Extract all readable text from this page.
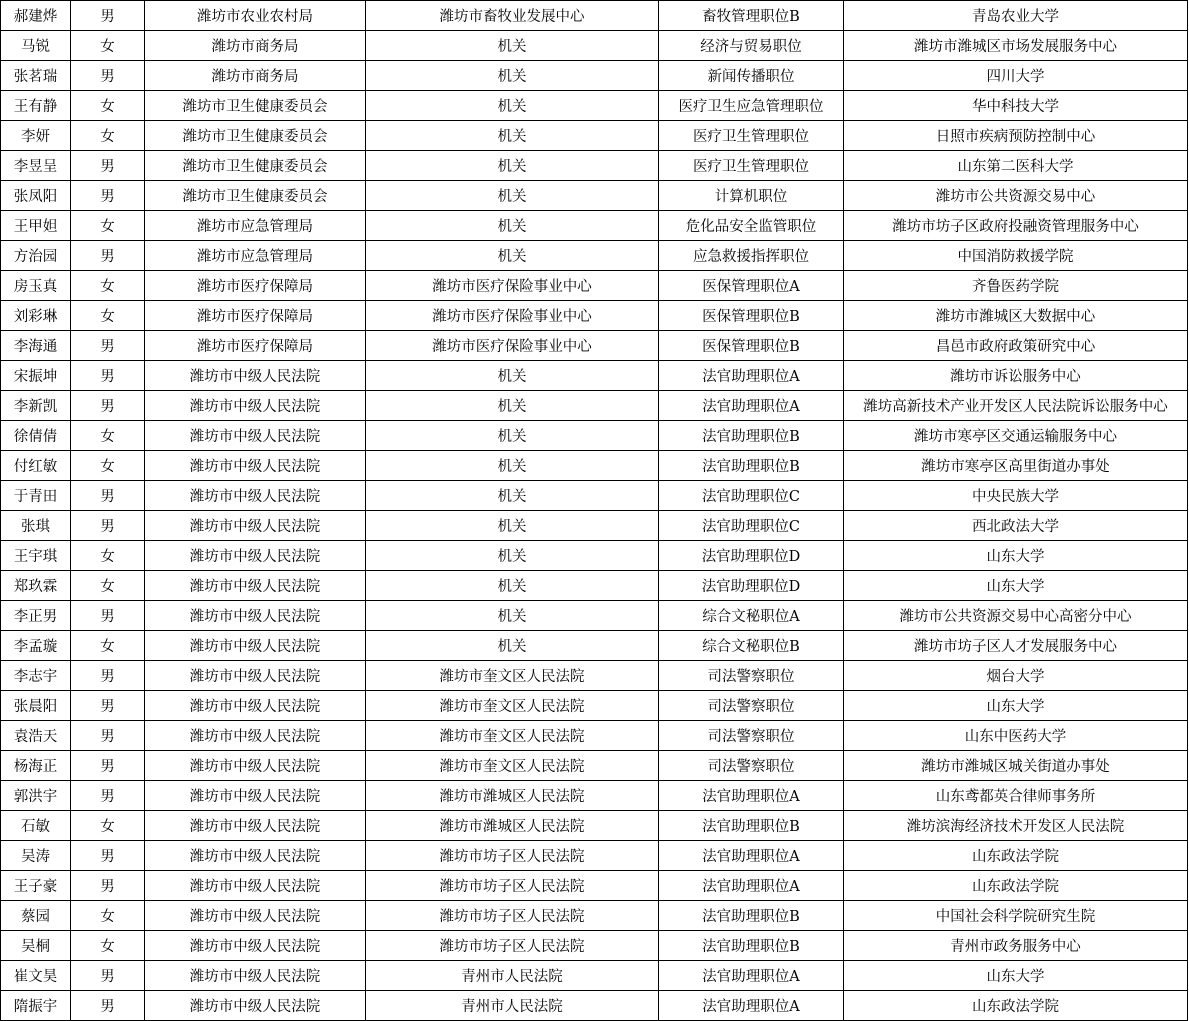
郝建烨	男	潍坊市农业农村局	潍坊市畜牧业发展中心	畜牧管理职位B	青岛农业大学
马锐	女	潍坊市商务局	机关	经济与贸易职位	潍坊市潍城区市场发展服务中心
张茗瑞	男	潍坊市商务局	机关	新闻传播职位	四川大学
王有静	女	潍坊市卫生健康委员会	机关	医疗卫生应急管理职位	华中科技大学
李妍	女	潍坊市卫生健康委员会	机关	医疗卫生管理职位	日照市疾病预防控制中心
李昱呈	男	潍坊市卫生健康委员会	机关	医疗卫生管理职位	山东第二医科大学
张凤阳	男	潍坊市卫生健康委员会	机关	计算机职位	潍坊市公共资源交易中心
王甲妲	女	潍坊市应急管理局	机关	危化品安全监管职位	潍坊市坊子区政府投融资管理服务中心
方治园	男	潍坊市应急管理局	机关	应急救援指挥职位	中国消防救援学院
房玉真	女	潍坊市医疗保障局	潍坊市医疗保险事业中心	医保管理职位A	齐鲁医药学院
刘彩琳	女	潍坊市医疗保障局	潍坊市医疗保险事业中心	医保管理职位B	潍坊市潍城区大数据中心
李海通	男	潍坊市医疗保障局	潍坊市医疗保险事业中心	医保管理职位B	昌邑市政府政策研究中心
宋振坤	男	潍坊市中级人民法院	机关	法官助理职位A	潍坊市诉讼服务中心
李新凯	男	潍坊市中级人民法院	机关	法官助理职位A	潍坊高新技术产业开发区人民法院诉讼服务中心
徐倩倩	女	潍坊市中级人民法院	机关	法官助理职位B	潍坊市寒亭区交通运输服务中心
付红敏	女	潍坊市中级人民法院	机关	法官助理职位B	潍坊市寒亭区高里街道办事处
于青田	男	潍坊市中级人民法院	机关	法官助理职位C	中央民族大学
张琪	男	潍坊市中级人民法院	机关	法官助理职位C	西北政法大学
王宇琪	女	潍坊市中级人民法院	机关	法官助理职位D	山东大学
郑玖霖	女	潍坊市中级人民法院	机关	法官助理职位D	山东大学
李正男	男	潍坊市中级人民法院	机关	综合文秘职位A	潍坊市公共资源交易中心高密分中心
李孟璇	女	潍坊市中级人民法院	机关	综合文秘职位B	潍坊市坊子区人才发展服务中心
李志宇	男	潍坊市中级人民法院	潍坊市奎文区人民法院	司法警察职位	烟台大学
张晨阳	男	潍坊市中级人民法院	潍坊市奎文区人民法院	司法警察职位	山东大学
袁浩天	男	潍坊市中级人民法院	潍坊市奎文区人民法院	司法警察职位	山东中医药大学
杨海正	男	潍坊市中级人民法院	潍坊市奎文区人民法院	司法警察职位	潍坊市潍城区城关街道办事处
郭洪宇	男	潍坊市中级人民法院	潍坊市潍城区人民法院	法官助理职位A	山东鸢都英合律师事务所
石敏	女	潍坊市中级人民法院	潍坊市潍城区人民法院	法官助理职位B	潍坊滨海经济技术开发区人民法院
吴涛	男	潍坊市中级人民法院	潍坊市坊子区人民法院	法官助理职位A	山东政法学院
王子豪	男	潍坊市中级人民法院	潍坊市坊子区人民法院	法官助理职位A	山东政法学院
蔡园	女	潍坊市中级人民法院	潍坊市坊子区人民法院	法官助理职位B	中国社会科学院研究生院
吴桐	女	潍坊市中级人民法院	潍坊市坊子区人民法院	法官助理职位B	青州市政务服务中心
崔文昊	男	潍坊市中级人民法院	青州市人民法院	法官助理职位A	山东大学
隋振宇	男	潍坊市中级人民法院	青州市人民法院	法官助理职位A	山东政法学院
